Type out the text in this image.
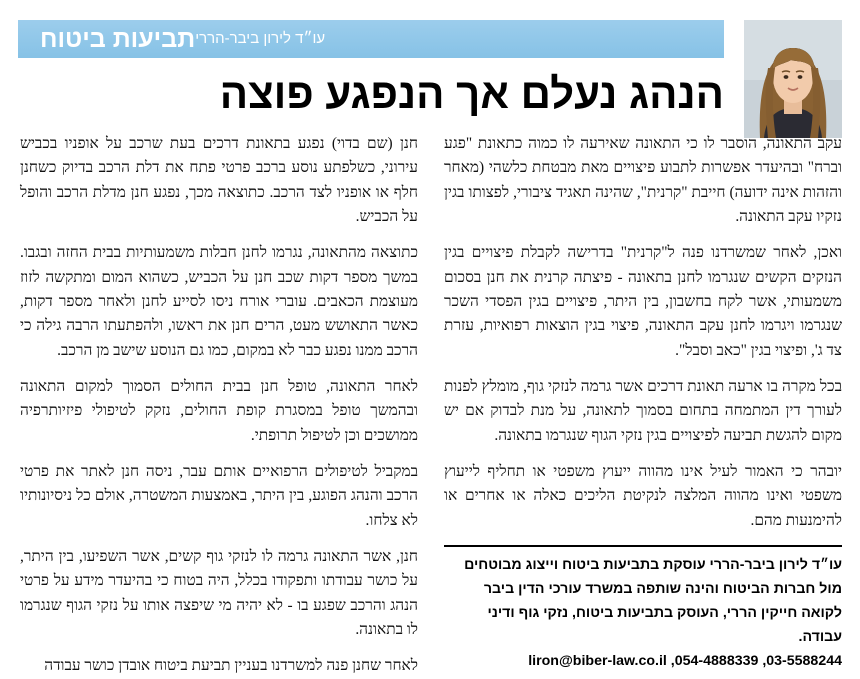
תביעות ביטוח עו״ד לירון ביבר-הררי
הנהג נעלם אך הנפגע פוצה

עקב התאונה, הוסבר לו כי התאונה שאירעה לו כמוה כתאונת "פגע וברח" ובהיעדר אפשרות לתבוע פיצויים מאת מבטחת כלשהי (מאחר והזהות אינה ידועה) חייבת "קרנית", שהינה תאגיד ציבורי, לפצותו בגין נזקיו עקב התאונה.

ואכן, לאחר שמשרדנו פנה ל"קרנית" בדרישה לקבלת פיצויים בגין הנזקים הקשים שנגרמו לחנן בתאונה - פיצתה קרנית את חנן בסכום משמעותי, אשר לקח בחשבון, בין היתר, פיצויים בגין הפסדי השכר שנגרמו ויגרמו לחנן עקב התאונה, פיצוי בגין הוצאות רפואיות, עזרת צד ג', ופיצוי בגין "כאב וסבל".

בכל מקרה בו ארעה תאונת דרכים אשר גרמה לנזקי גוף, מומלץ לפנות לעורך דין המתמחה בתחום בסמוך לתאונה, על מנת לבדוק אם יש מקום להגשת תביעה לפיצויים בגין נזקי הגוף שנגרמו בתאונה.

יובהר כי האמור לעיל אינו מהווה ייעוץ משפטי או תחליף לייעוץ משפטי ואינו מהווה המלצה לנקיטת הליכים כאלה או אחרים או להימנעות מהם.

עו״ד לירון ביבר-הררי עוסקת בתביעות ביטוח וייצוג מבוטחים

מול חברות הביטוח והינה שותפה במשרד עורכי הדין ביבר

לקואה חייקין הררי, העוסק בתביעות ביטוח, נזקי גוף ודיני

עבודה.

liron@biber-law.co.il ,054-4888339 ,03-5588244

חנן (שם בדוי) נפגע בתאונת דרכים בעת שרכב על אופניו בכביש עירוני, כשלפתע נוסע ברכב פרטי פתח את דלת הרכב בדיוק כשחנן חלף או אופניו לצד הרכב. כתוצאה מכך, נפגע חנן מדלת הרכב והופל על הכביש.

כתוצאה מהתאונה, נגרמו לחנן חבלות משמעותיות בבית החזה ובגבו. במשך מספר דקות שכב חנן על הכביש, כשהוא המום ומתקשה לזוז מעוצמת הכאבים. עוברי אורח ניסו לסייע לחנן ולאחר מספר דקות, כאשר התאושש מעט, הרים חנן את ראשו, ולהפתעתו הרבה גילה כי הרכב ממנו נפגע כבר לא במקום, כמו גם הנוסע שישב מן הרכב.

לאחר התאונה, טופל חנן בבית החולים הסמוך למקום התאונה ובהמשך טופל במסגרת קופת החולים, נזקק לטיפולי פיזיותרפיה ממושכים וכן לטיפול תרופתי.

במקביל לטיפולים הרפואיים אותם עבר, ניסה חנן לאתר את פרטי הרכב והנהג הפוגע, בין היתר, באמצעות המשטרה, אולם כל ניסיונותיו לא צלחו.

חנן, אשר התאונה גרמה לו לנזקי גוף קשים, אשר השפיעו, בין היתר, על כושר עבודתו ותפקודו בכלל, היה בטוח כי בהיעדר מידע על פרטי הנהג והרכב שפגע בו - לא יהיה מי שיפצה אותו על נזקי הגוף שנגרמו לו בתאונה.

לאחר שחנן פנה למשרדנו בעניין תביעת ביטוח אובדן כושר עבודה
